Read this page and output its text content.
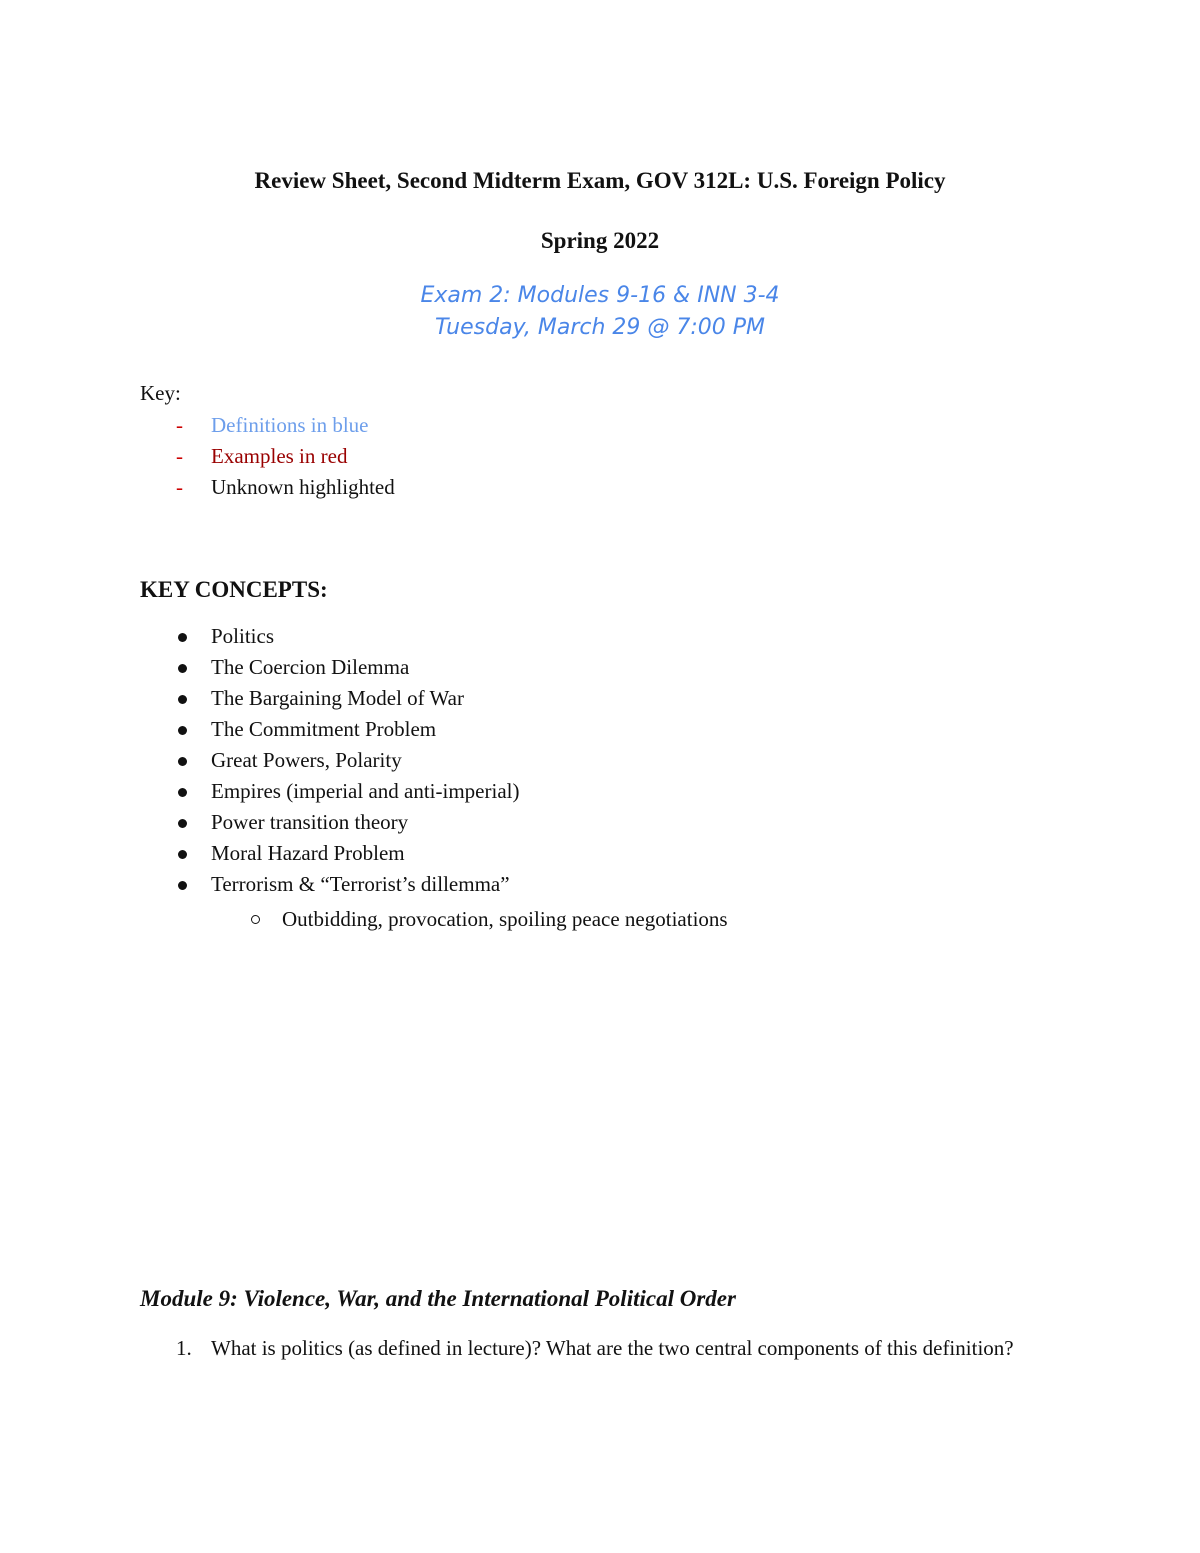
Review Sheet, Second Midterm Exam, GOV 312L: U.S. Foreign Policy
Spring 2022

Exam 2: Modules 9-16 & INN 3-4

Tuesday, March 29 @ 7:00 PM

Key:

- Definitions in blue
- Examples in red
- Unknown highlighted
KEY CONCEPTS:
Politics
The Coercion Dilemma
The Bargaining Model of War
The Commitment Problem
Great Powers, Polarity
Empires (imperial and anti-imperial)
Power transition theory
Moral Hazard Problem
Terrorism & “Terrorist’s dillemma”
Outbidding, provocation, spoiling peace negotiations
Module 9: Violence, War, and the International Political Order
1. What is politics (as defined in lecture)? What are the two central components of this definition?
